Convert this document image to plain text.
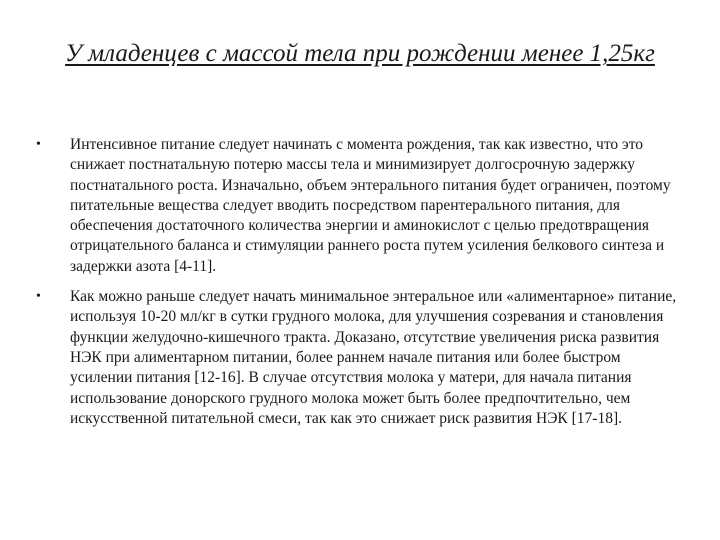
У младенцев с массой тела при рождении менее 1,25кг
• Интенсивное питание следует начинать с момента рождения, так как известно, что это снижает постнатальную потерю массы тела и минимизирует долгосрочную задержку постнатального роста. Изначально, объем энтерального питания будет ограничен, поэтому питательные вещества следует вводить посредством парентерального питания, для обеспечения достаточного количества энергии и аминокислот с целью предотвращения отрицательного баланса и стимуляции раннего роста путем усиления белкового синтеза и задержки азота [4-11].
• Как можно раньше следует начать минимальное энтеральное или «алиментарное» питание, используя 10-20 мл/кг в сутки грудного молока, для улучшения созревания и становления функции желудочно-кишечного тракта. Доказано, отсутствие увеличения риска развития НЭК при алиментарном питании, более раннем начале питания или более быстром усилении питания [12-16]. В случае отсутствия молока у матери, для начала питания использование донорского грудного молока может быть более предпочтительно, чем искусственной питательной смеси, так как это снижает риск развития НЭК [17-18].
